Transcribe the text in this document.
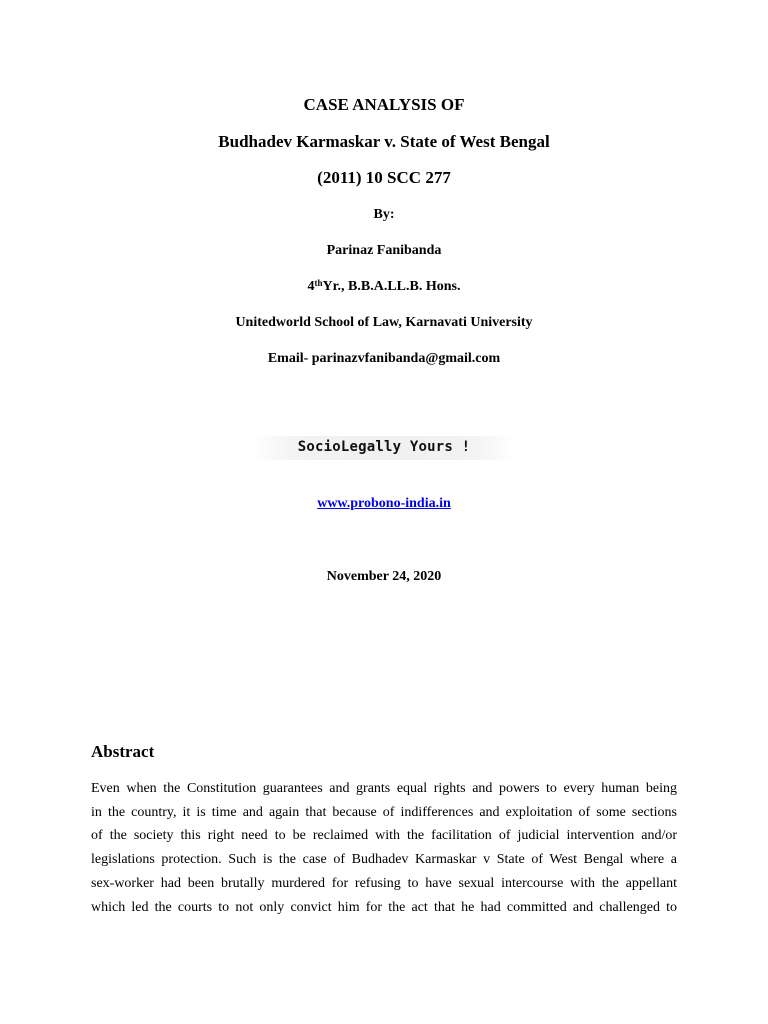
CASE ANALYSIS OF
Budhadev Karmaskar v. State of West Bengal
(2011) 10 SCC 277
By:
Parinaz Fanibanda
4thYr., B.B.A.LL.B. Hons.
Unitedworld School of Law, Karnavati University
Email- parinazvfanibanda@gmail.com
SocioLegally Yours !
www.probono-india.in
November 24, 2020
Abstract
Even when the Constitution guarantees and grants equal rights and powers to every human being
in the country, it is time and again that because of indifferences and exploitation of some sections
of the society this right need to be reclaimed with the facilitation of judicial intervention and/or
legislations protection. Such is the case of Budhadev Karmaskar v State of West Bengal where a
sex-worker had been brutally murdered for refusing to have sexual intercourse with the appellant
which led the courts to not only convict him for the act that he had committed and challenged to
